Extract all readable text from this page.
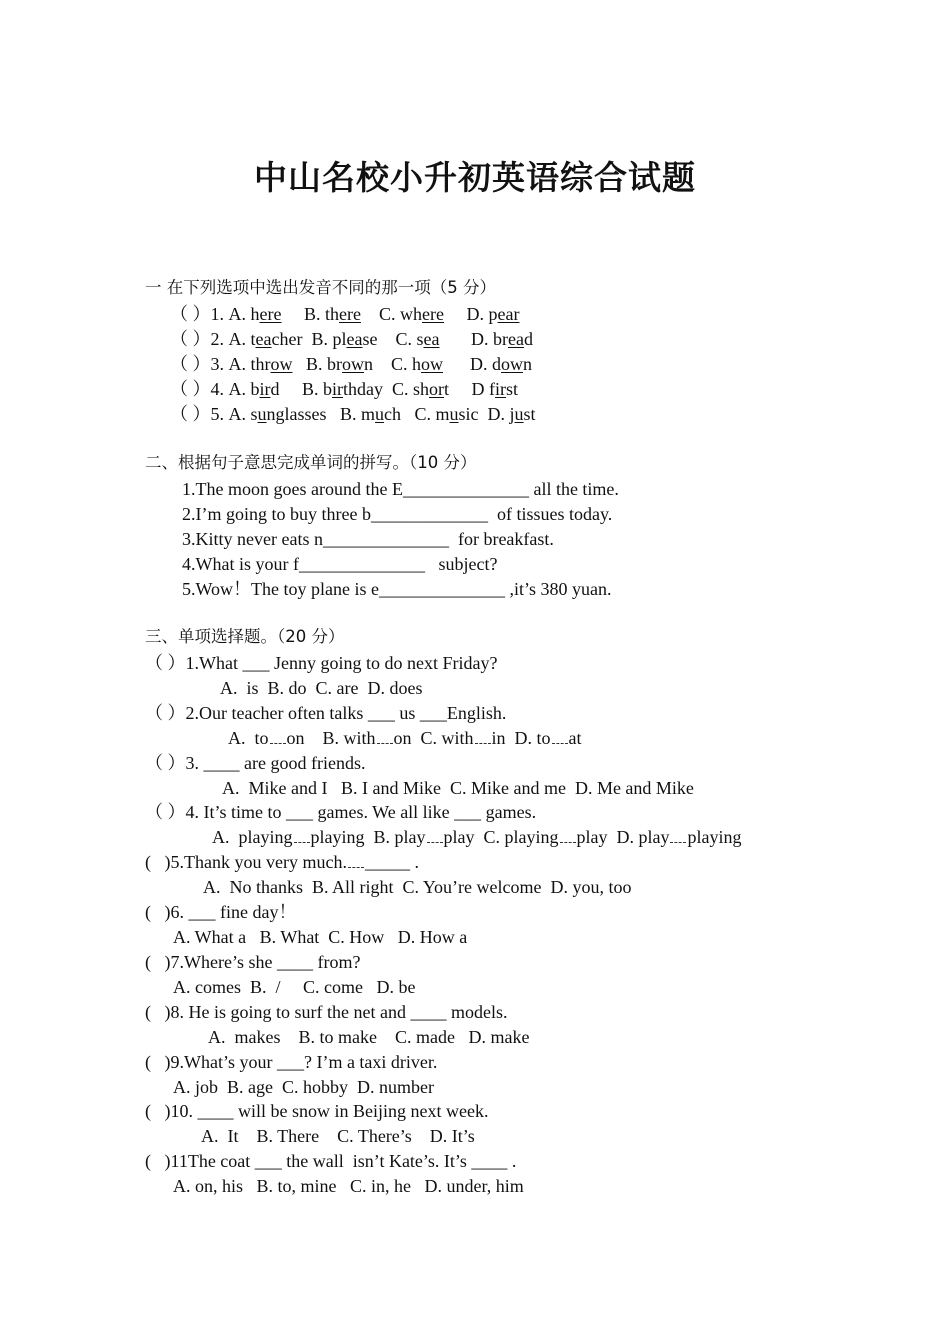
中山名校小升初英语综合试题
一 在下列选项中选出发音不同的那一项（5 分）
（ ）1. A. here B. there C. where D. pear
（ ）2. A. teacher B. please C. sea D. bread
（ ）3. A. throw B. brown C. how D. down
（ ）4. A. bird B. birthday C. short D first
（ ）5. A. sunglasses B. much C. music D. just
二、根据句子意思完成单词的拼写。（10 分）
1.The moon goes around the E______________ all the time.
2.I’m going to buy three b_____________  of tissues today.
3.Kitty never eats n______________  for breakfast.
4.What is your f______________   subject?
5.Wow！The toy plane is e______________ ,it’s 380 yuan.
三、单项选择题。（20 分）
（ ）1.What ___ Jenny going to do next Friday?
A.  is  B. do  C. are  D. does
（ ）2.Our teacher often talks ___ us ___English.
A.  to on    B. with on  C. with in  D. to at
（ ）3. ____ are good friends.
A.  Mike and I   B. I and Mike  C. Mike and me  D. Me and Mike
（ ）4. It’s time to ___ games. We all like ___ games.
A.  playing playing  B. play play  C. playing play  D. play playing
(   )5.Thank you very much. _____ .
A.  No thanks  B. All right  C. You’re welcome  D. you, too
(   )6. ___ fine day！
A. What a   B. What  C. How   D. How a
(   )7.Where’s she ____ from?
A. comes  B.  /     C. come   D. be
(   )8. He is going to surf the net and ____ models.
A.  makes    B. to make    C. made   D. make
(   )9.What’s your ___? I’m a taxi driver.
A. job  B. age  C. hobby  D. number
(   )10. ____ will be snow in Beijing next week.
A.  It    B. There    C. There’s    D. It’s
(   )11The coat ___ the wall  isn’t Kate’s. It’s ____ .
A. on, his   B. to, mine   C. in, he   D. under, him
